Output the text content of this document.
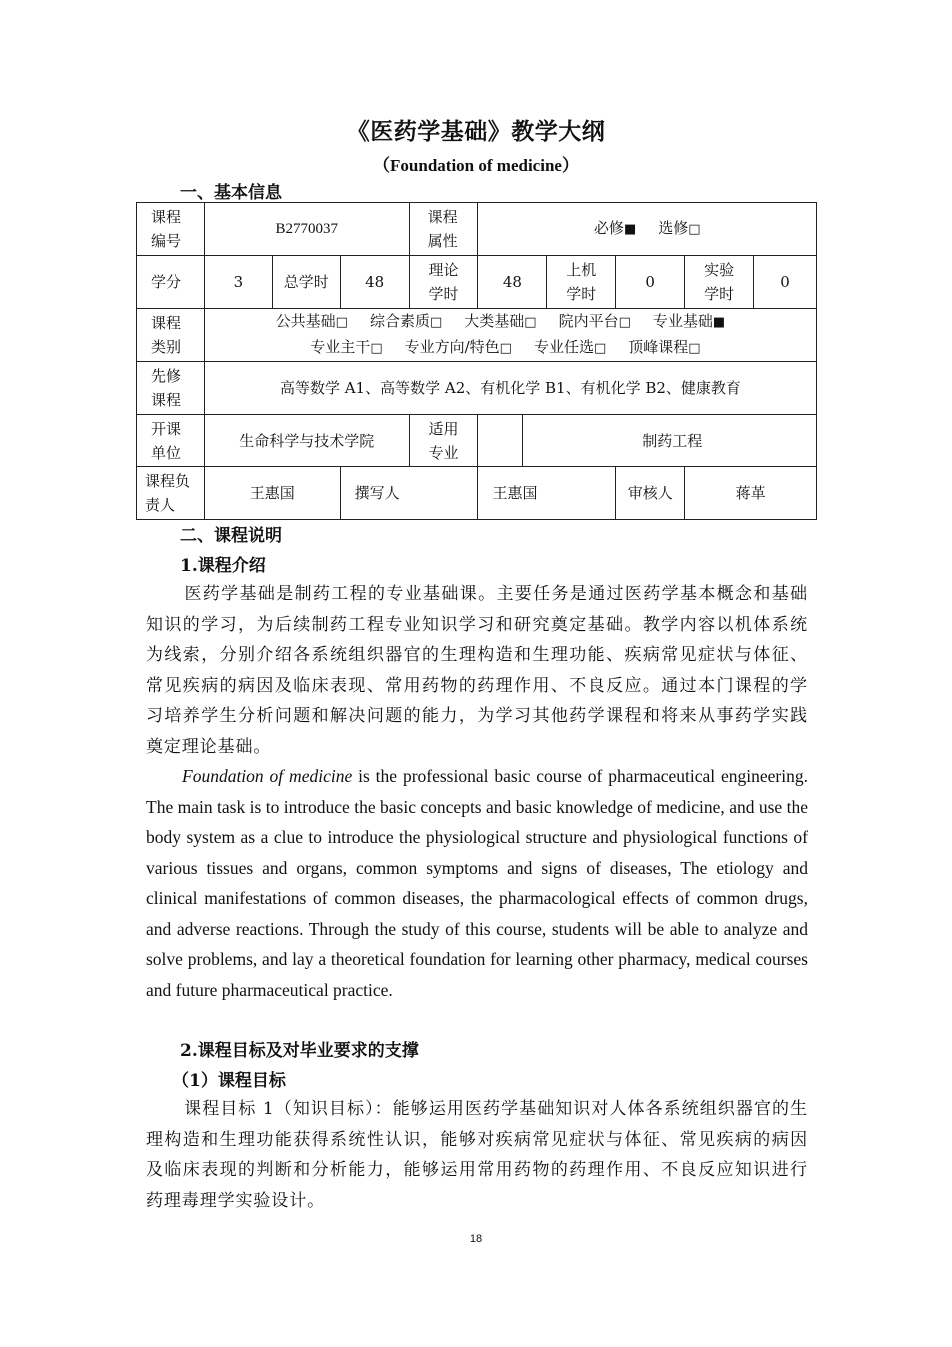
《医药学基础》教学大纲
（Foundation of medicine）
一、基本信息
课程编号	B2770037			课程属性	必修■ 选修□				
学分	3	总学时	48	理论学时	48	上机学时	0	实验学时	0
课程类别	公共基础□ 综合素质□ 大类基础□ 院内平台□ 专业基础■
专业主干□ 专业方向/特色□ 专业任选□ 顶峰课程□								

先修课程	高等数学 A1、高等数学 A2、有机化学 B1、有机化学 B2、健康教育								
开课单位	生命科学与技术学院			适用专业	制药工程				
课程负责人	王惠国		撰写人		王惠国		审核人	蒋革	
二、课程说明
1.课程介绍
医药学基础是制药工程的专业基础课。主要任务是通过医药学基本概念和基础知识的学习，为后续制药工程专业知识学习和研究奠定基础。教学内容以机体系统为线索，分别介绍各系统组织器官的生理构造和生理功能、疾病常见症状与体征、常见疾病的病因及临床表现、常用药物的药理作用、不良反应。通过本门课程的学习培养学生分析问题和解决问题的能力，为学习其他药学课程和将来从事药学实践奠定理论基础。
Foundation of medicine is the professional basic course of pharmaceutical engineering. The main task is to introduce the basic concepts and basic knowledge of medicine, and use the body system as a clue to introduce the physiological structure and physiological functions of various tissues and organs, common symptoms and signs of diseases, The etiology and clinical manifestations of common diseases, the pharmacological effects of common drugs, and adverse reactions. Through the study of this course, students will be able to analyze and solve problems, and lay a theoretical foundation for learning other pharmacy, medical courses and future pharmaceutical practice.
2.课程目标及对毕业要求的支撑
（1）课程目标
课程目标 1（知识目标）：能够运用医药学基础知识对人体各系统组织器官的生理构造和生理功能获得系统性认识，能够对疾病常见症状与体征、常见疾病的病因及临床表现的判断和分析能力，能够运用常用药物的药理作用、不良反应知识进行药理毒理学实验设计。
18
